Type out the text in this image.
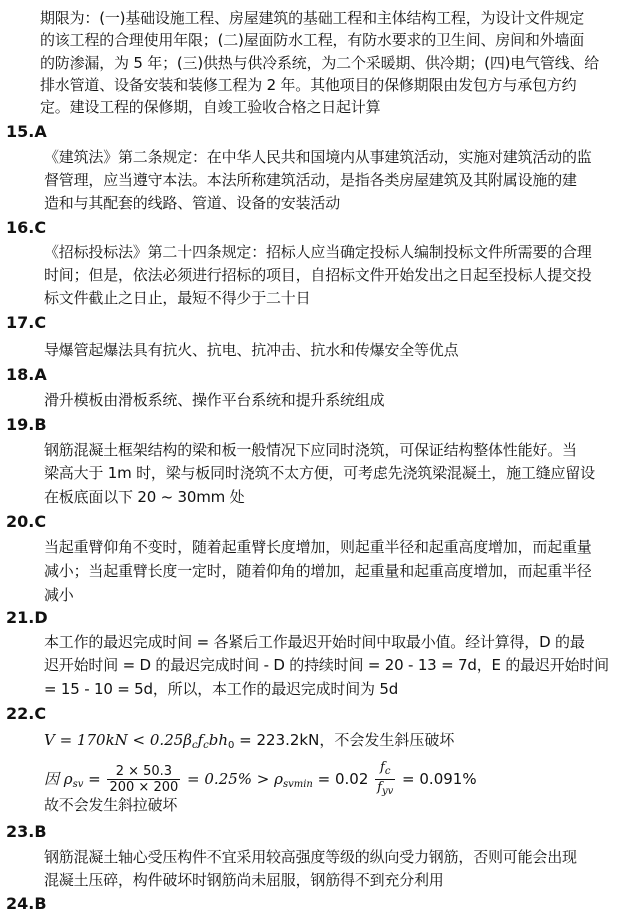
期限为：(一)基础设施工程、房屋建筑的基础工程和主体结构工程，为设计文件规定
的该工程的合理使用年限；(二)屋面防水工程，有防水要求的卫生间、房间和外墙面
的防渗漏，为 5 年；(三)供热与供冷系统，为二个采暖期、供冷期；(四)电气管线、给
排水管道、设备安装和装修工程为 2 年。其他项目的保修期限由发包方与承包方约
定。建设工程的保修期，自竣工验收合格之日起计算
15.A
《建筑法》第二条规定：在中华人民共和国境内从事建筑活动，实施对建筑活动的监
督管理，应当遵守本法。本法所称建筑活动，是指各类房屋建筑及其附属设施的建
造和与其配套的线路、管道、设备的安装活动
16.C
《招标投标法》第二十四条规定：招标人应当确定投标人编制投标文件所需要的合理
时间；但是，依法必须进行招标的项目，自招标文件开始发出之日起至投标人提交投
标文件截止之日止，最短不得少于二十日
17.C
导爆管起爆法具有抗火、抗电、抗冲击、抗水和传爆安全等优点
18.A
滑升模板由滑板系统、操作平台系统和提升系统组成
19.B
钢筋混凝土框架结构的梁和板一般情况下应同时浇筑，可保证结构整体性能好。当
梁高大于 1m 时，梁与板同时浇筑不太方便，可考虑先浇筑梁混凝土，施工缝应留设
在板底面以下 20 ~ 30mm 处
20.C
当起重臂仰角不变时，随着起重臂长度增加，则起重半径和起重高度增加，而起重量
减小；当起重臂长度一定时，随着仰角的增加，起重量和起重高度增加，而起重半径
减小
21.D
本工作的最迟完成时间 = 各紧后工作最迟开始时间中取最小值。经计算得，D 的最
迟开始时间 = D 的最迟完成时间 - D 的持续时间 = 20 - 13 = 7d，E 的最迟开始时间
= 15 - 10 = 5d，所以，本工作的最迟完成时间为 5d
22.C
$V = 170kN < 0.25\beta_cf_cbh_0 = 223.2kN$，不会发生斜压破坏
因 $\rho_{sv} = \frac{2 \times 50.3}{200 \times 200} = 0.25\% > \rho_{svmin} = 0.02 \frac{f_c}{f_{yv}} = 0.091\%$
故不会发生斜拉破坏
23.B
钢筋混凝土轴心受压构件不宜采用较高强度等级的纵向受力钢筋，否则可能会出现
混凝土压碎，构件破坏时钢筋尚未屈服，钢筋得不到充分利用
24.B
